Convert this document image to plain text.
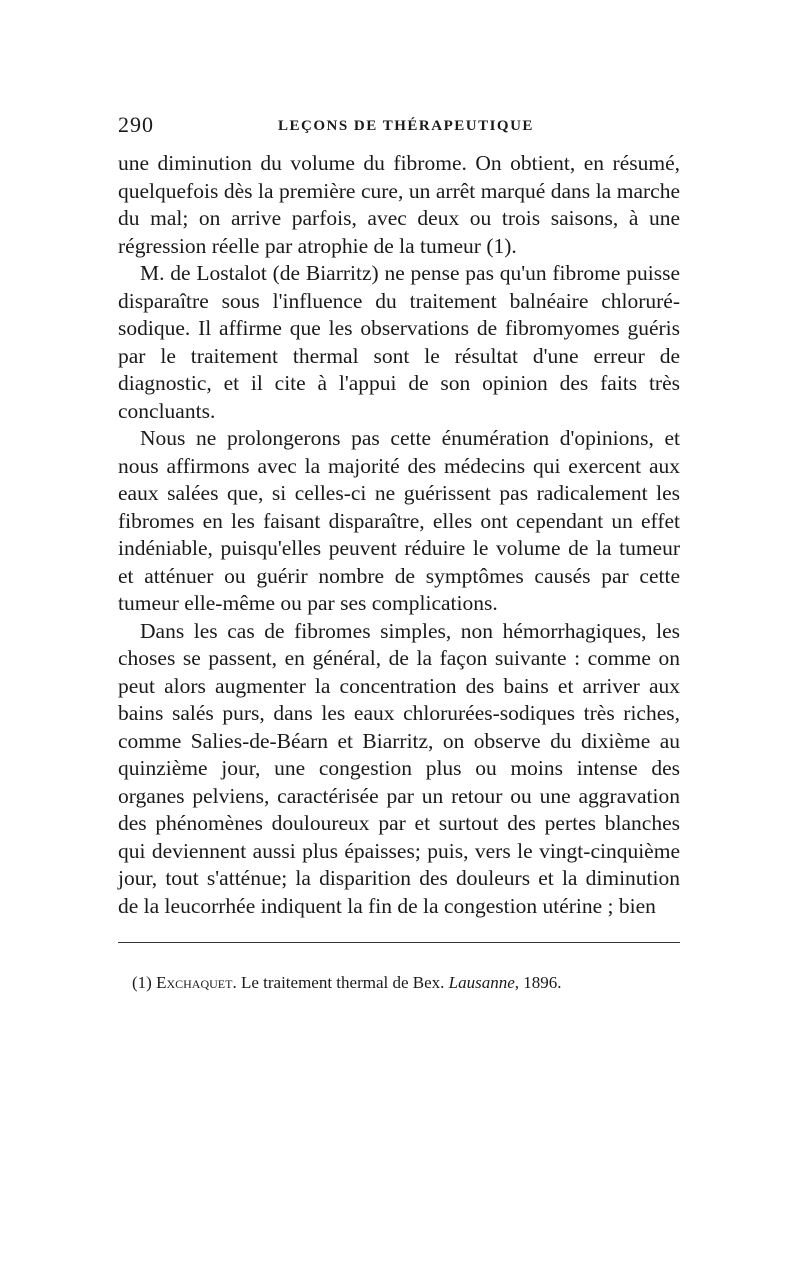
290	LEÇONS DE THÉRAPEUTIQUE

une diminution du volume du fibrome. On obtient, en résumé, quelquefois dès la première cure, un arrêt marqué dans la marche du mal; on arrive parfois, avec deux ou trois saisons, à une régression réelle par atrophie de la tumeur (1).

M. de Lostalot (de Biarritz) ne pense pas qu'un fibrome puisse disparaître sous l'influence du traitement balnéaire chloruré-sodique. Il affirme que les observations de fibromyomes guéris par le traitement thermal sont le résultat d'une erreur de diagnostic, et il cite à l'appui de son opinion des faits très concluants.

Nous ne prolongerons pas cette énumération d'opinions, et nous affirmons avec la majorité des médecins qui exercent aux eaux salées que, si celles-ci ne guérissent pas radicalement les fibromes en les faisant disparaître, elles ont cependant un effet indéniable, puisqu'elles peuvent réduire le volume de la tumeur et atténuer ou guérir nombre de symptômes causés par cette tumeur elle-même ou par ses complications.

Dans les cas de fibromes simples, non hémorrhagiques, les choses se passent, en général, de la façon suivante : comme on peut alors augmenter la concentration des bains et arriver aux bains salés purs, dans les eaux chlorurées-sodiques très riches, comme Salies-de-Béarn et Biarritz, on observe du dixième au quinzième jour, une congestion plus ou moins intense des organes pelviens, caractérisée par un retour ou une aggravation des phénomènes douloureux par et surtout des pertes blanches qui deviennent aussi plus épaisses; puis, vers le vingt-cinquième jour, tout s'atténue; la disparition des douleurs et la diminution de la leucorrhée indiquent la fin de la congestion utérine ; bien

(1) Exchaquet. Le traitement thermal de Bex. Lausanne, 1896.
